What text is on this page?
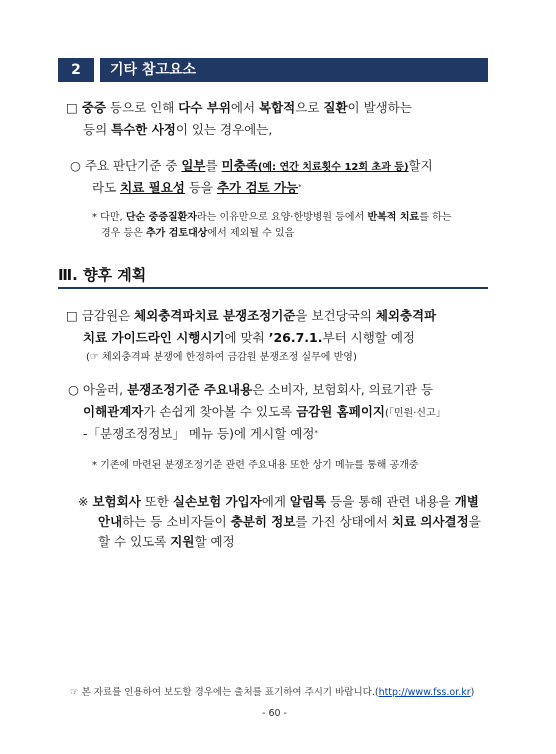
2	기타 참고요소
□ 중증 등으로 인해 다수 부위에서 복합적으로 질환이 발생하는
등의 특수한 사정이 있는 경우에는,
○ 주요 판단기준 중 일부를 미충족(예: 연간 치료횟수 12회 초과 등)할지
라도 치료 필요성 등을 추가 검토 가능*
* 다만, 단순 중증질환자라는 이유만으로 요양·한방병원 등에서 반복적 치료를 하는
경우 등은 추가 검토대상에서 제외될 수 있음
Ⅲ. 향후 계획
□ 금감원은 체외충격파치료 분쟁조정기준을 보건당국의 체외충격파
치료 가이드라인 시행시기에 맞춰 ’26.7.1.부터 시행할 예정
(☞ 체외충격파 분쟁에 한정하여 금감원 분쟁조정 실무에 반영)
○ 아울러, 분쟁조정기준 주요내용은 소비자, 보험회사, 의료기관 등
이해관계자가 손쉽게 찾아볼 수 있도록 금감원 홈페이지(「민원·신고」
-「분쟁조정정보」 메뉴 등)에 게시할 예정*
* 기존에 마련된 분쟁조정기준 관련 주요내용 또한 상기 메뉴를 통해 공개중
※ 보험회사 또한 실손보험 가입자에게 알림톡 등을 통해 관련 내용을 개별
안내하는 등 소비자들이 충분히 정보를 가진 상태에서 치료 의사결정을
할 수 있도록 지원할 예정
☞ 본 자료를 인용하여 보도할 경우에는 출처를 표기하여 주시기 바랍니다.(http://www.fss.or.kr)
- 60 -
